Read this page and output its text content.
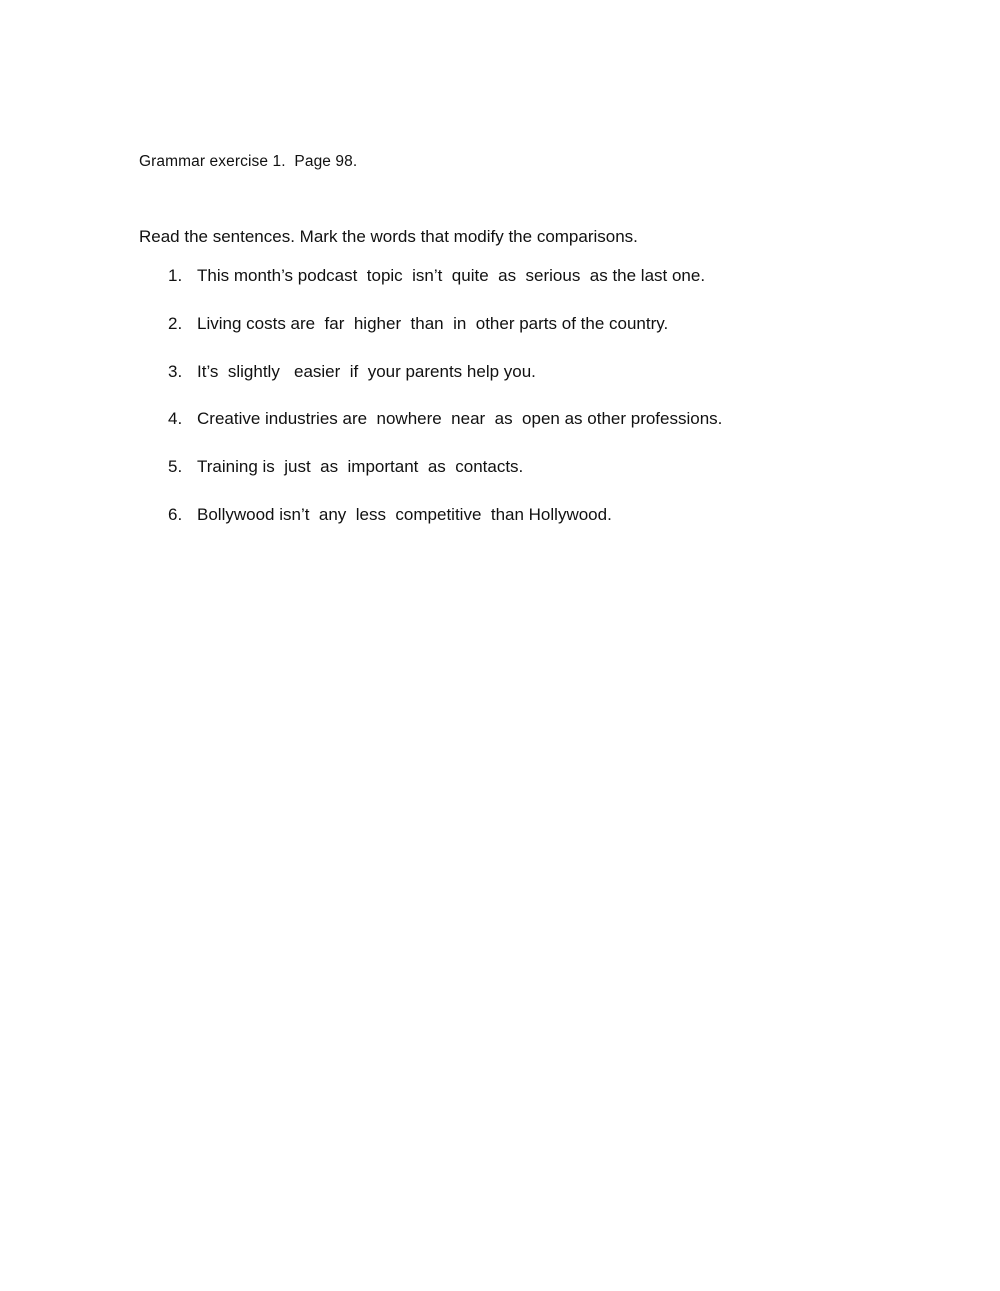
Grammar exercise 1.  Page 98.
Read the sentences. Mark the words that modify the comparisons.

1.

This month’s podcast  topic  isn’t  quite  as  serious  as the last one.

2.

Living costs are  far  higher  than  in  other parts of the country.

3.

It’s  slightly   easier  if  your parents help you.

4.

Creative industries are  nowhere  near  as  open as other professions.

5.

Training is  just  as  important  as  contacts.

6.

Bollywood isn’t  any  less  competitive  than Hollywood.
